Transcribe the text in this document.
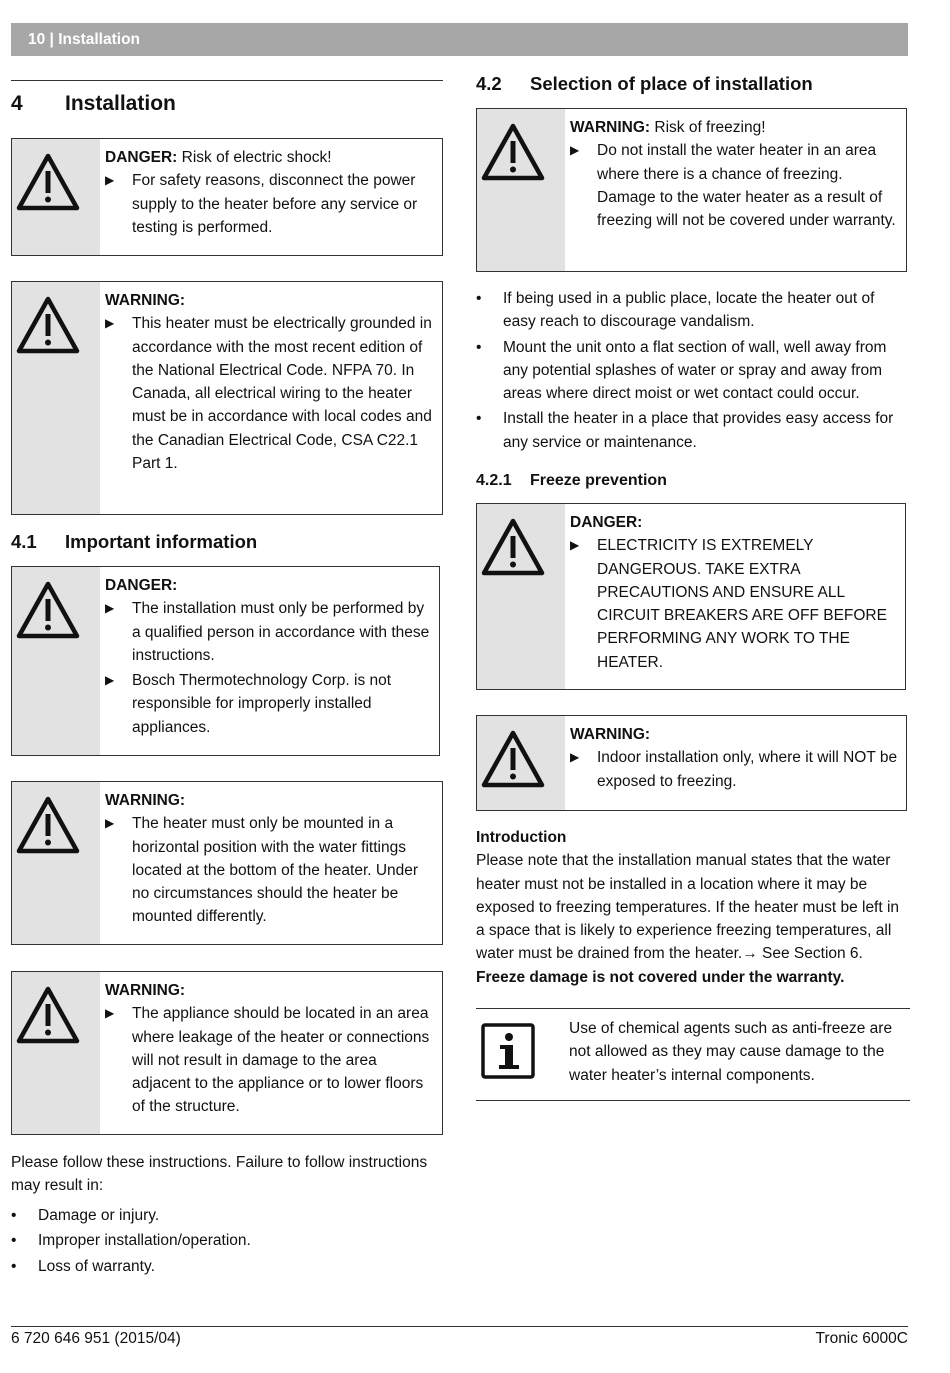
10 | Installation
4 Installation
DANGER: Risk of electric shock!
▶	For safety reasons, disconnect the power supply to the heater before any service or testing is performed.
WARNING:
▶	This heater must be electrically grounded in accordance with the most recent edition of the National Electrical Code. NFPA 70. In Canada, all electrical wiring to the heater must be in accordance with local codes and the Canadian Electrical Code, CSA C22.1 Part 1.
4.1 Important information
DANGER:
▶	The installation must only be performed by a qualified person in accordance with these instructions.
▶	Bosch Thermotechnology Corp. is not responsible for improperly installed appliances.
WARNING:
▶	The heater must only be mounted in a horizontal position with the water fittings located at the bottom of the heater. Under no circumstances should the heater be mounted differently.
WARNING:
▶	The appliance should be located in an area where leakage of the heater or connections will not result in damage to the area adjacent to the appliance or to lower floors of the structure.
Please follow these instructions. Failure to follow instructions may result in:
•	Damage or injury.
•	Improper installation/operation.
•	Loss of warranty.
4.2 Selection of place of installation
WARNING: Risk of freezing!
▶	Do not install the water heater in an area where there is a chance of freezing. Damage to the water heater as a result of freezing will not be covered under warranty.
•	If being used in a public place, locate the heater out of easy reach to discourage vandalism.
•	Mount the unit onto a flat section of wall, well away from any potential splashes of water or spray and away from areas where direct moist or wet contact could occur.
•	Install the heater in a place that provides easy access for any service or maintenance.
4.2.1 Freeze prevention
DANGER:
▶	ELECTRICITY IS EXTREMELY DANGEROUS. TAKE EXTRA PRECAUTIONS AND ENSURE ALL CIRCUIT BREAKERS ARE OFF BEFORE PERFORMING ANY WORK TO THE HEATER.
WARNING:
▶	Indoor installation only, where it will NOT be exposed to freezing.
Introduction
Please note that the installation manual states that the water heater must not be installed in a location where it may be exposed to freezing temperatures. If the heater must be left in a space that is likely to experience freezing temperatures, all water must be drained from the heater.→ See Section 6.
Freeze damage is not covered under the warranty.
Use of chemical agents such as anti-freeze are not allowed as they may cause damage to the water heater’s internal components.
6 720 646 951 (2015/04)	Tronic 6000C
